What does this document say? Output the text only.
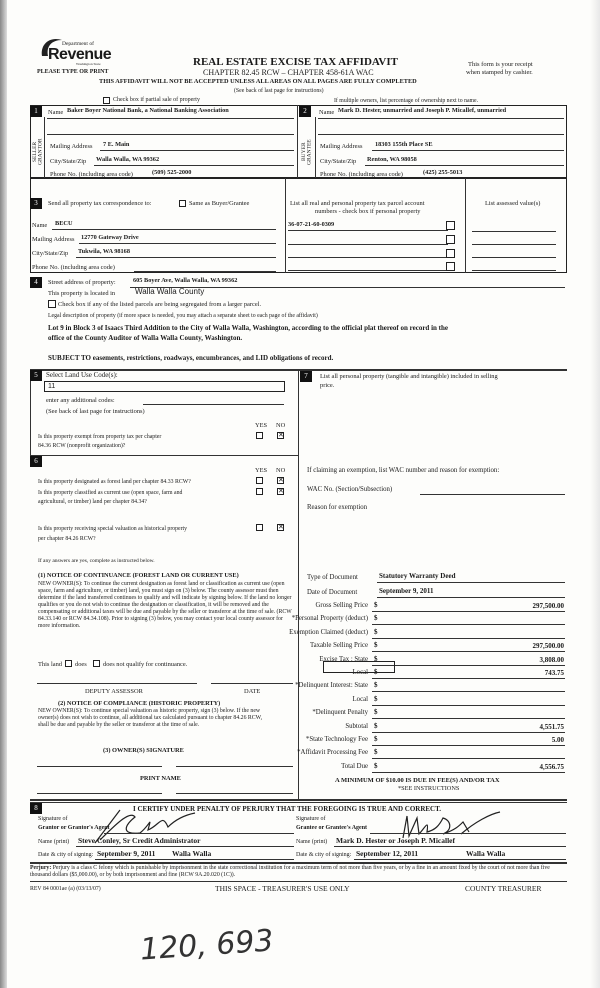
Department of
Revenue
Washington State
PLEASE TYPE OR PRINT
REAL ESTATE EXCISE TAX AFFIDAVIT
CHAPTER 82.45 RCW – CHAPTER 458-61A WAC
This form is your receipt
when stamped by cashier.
THIS AFFIDAVIT WILL NOT BE ACCEPTED UNLESS ALL AREAS ON ALL PAGES ARE FULLY COMPLETED
(See back of last page for instructions)
Check box if partial sale of property	If multiple owners, list percentage of ownership next to name.
1	2
SELLER GRANTOR	BUYER GRANTEE
Name Baker Boyer National Bank, a National Banking Association
Mailing Address 7 E. Main
City/State/Zip Walla Walla, WA 99362
Phone No. (including area code)	(509) 525-2000
Name Mark D. Hester, unmarried and Joseph P. Micallef, unmarried
Mailing Address 18303 155th Place SE
City/State/Zip Renton, WA 98058
Phone No. (including area code)	(425) 255-5013
3	Send all property tax correspondence to:	Same as Buyer/Grantee
Name BECU
Mailing Address 12770 Gateway Drive
City/State/Zip Tukwila, WA 98168
Phone No. (including area code)
List all real and personal property tax parcel account
numbers - check box if personal property
36-07-21-60-0309
List assessed value(s)
4	Street address of property:	605 Boyer Ave, Walla Walla, WA 99362
This property is located in Walla Walla County
Check box if any of the listed parcels are being segregated from a larger parcel.
Legal description of property (if more space is needed, you may attach a separate sheet to each page of the affidavit)
Lot 9 in Block 3 of Isaacs Third Addition to the City of Walla Walla, Washington, according to the official plat thereof on record in the
office of the County Auditor of Walla Walla County, Washington.
SUBJECT TO easements, restrictions, roadways, encumbrances, and LID obligations of record.
5	Select Land Use Code(s):
11
enter any additional codes:
(See back of last page for instructions)
YES NO
Is this property exempt from property tax per chapter
84.36 RCW (nonprofit organization)?
✕
7	List all personal property (tangible and intangible) included in selling
price.
6
YES NO
Is this property designated as forest land per chapter 84.33 RCW?	✕
Is this property classified as current use (open space, farm and
agricultural, or timber) land per chapter 84.34?
✕
Is this property receiving special valuation as historical property
per chapter 84.26 RCW?
✕
If any answers are yes, complete as instructed below.
(1) NOTICE OF CONTINUANCE (FOREST LAND OR CURRENT USE)
NEW OWNER(S): To continue the current designation as forest land or classification as current use (open space, farm and agriculture, or timber) land, you must sign on (3) below. The county assessor must then determine if the land transferred continues to qualify and will indicate by signing below. If the land no longer qualifies or you do not wish to continue the designation or classification, it will be removed and the compensating or additional taxes will be due and payable by the seller or transferor at the time of sale. (RCW 84.33.140 or RCW 84.34.108). Prior to signing (3) below, you may contact your local county assessor for more information.
This land does	does not qualify for continuance.
DEPUTY ASSESSOR	DATE
(2) NOTICE OF COMPLIANCE (HISTORIC PROPERTY)
NEW OWNER(S): To continue special valuation as historic property, sign (3) below. If the new owner(s) does not wish to continue, all additional tax calculated pursuant to chapter 84.26 RCW, shall be due and payable by the seller or transferor at the time of sale.
(3) OWNER(S) SIGNATURE
PRINT NAME
If claiming an exemption, list WAC number and reason for exemption:
WAC No. (Section/Subsection)
Reason for exemption
Type of Document	Statutory Warranty Deed
Date of Document	September 9, 2011
Gross Selling Price $	297,500.00
*Personal Property (deduct) $
Exemption Claimed (deduct) $
Taxable Selling Price $	297,500.00
Excise Tax : State $	3,808.00
Local $	743.75
*Delinquent Interest: State $
Local $
*Delinquent Penalty $
Subtotal $	4,551.75
*State Technology Fee $	5.00
*Affidavit Processing Fee $
Total Due $	4,556.75
A MINIMUM OF $10.00 IS DUE IN FEE(S) AND/OR TAX
*SEE INSTRUCTIONS
8	I CERTIFY UNDER PENALTY OF PERJURY THAT THE FOREGOING IS TRUE AND CORRECT.
Signature of
Grantor or Grantor's Agent
Name (print) Steve Conley, Sr Credit Administrator
Date & city of signing: September 9, 2011 Walla Walla
Signature of
Grantee or Grantee's Agent
Name (print) Mark D. Hester or Joseph P. Micallef
Date & city of signing: September 12, 2011	Walla Walla
Perjury: Perjury is a class C felony which is punishable by imprisonment in the state correctional institution for a maximum term of not more than five years, or by a fine in an amount fixed by the court of not more than five thousand dollars ($5,000.00), or by both imprisonment and fine (RCW 9A.20.020 (1C)).
REV 84 0001ae (a) (03/13/07)	THIS SPACE - TREASURER'S USE ONLY	COUNTY TREASURER
120, 693
